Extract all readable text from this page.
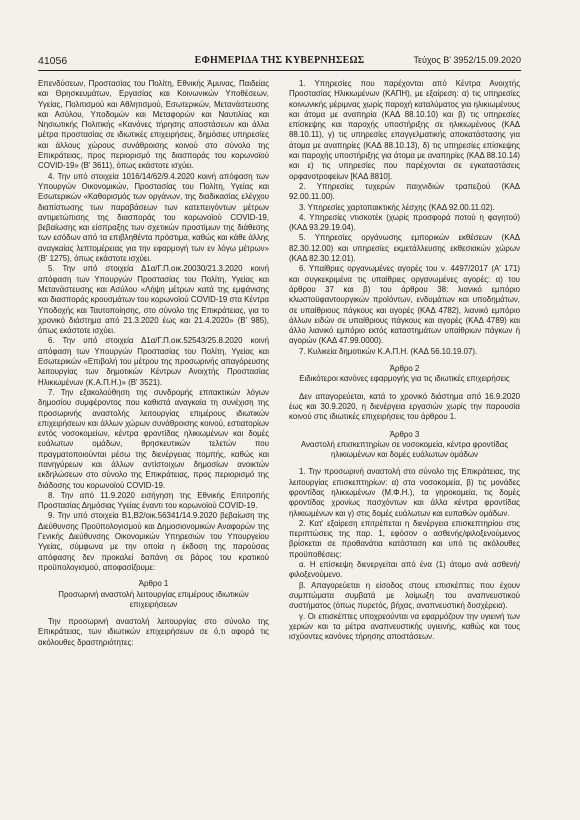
41056	ΕΦΗΜΕΡΙΔΑ ΤΗΣ ΚΥΒΕΡΝΗΣΕΩΣ	Τεύχος B' 3952/15.09.2020

Επενδύσεων, Προστασίας του Πολίτη, Εθνικής Άμυνας, Παιδείας και Θρησκευμάτων, Εργασίας και Κοινωνικών Υποθέσεων, Υγείας, Πολιτισμού και Αθλητισμού, Εσωτερικών, Μετανάστευσης και Ασύλου, Υποδομών και Μεταφορών και Ναυτιλίας και Νησιωτικής Πολιτικής «Κανόνες τήρησης αποστάσεων και άλλα μέτρα προστασίας σε ιδιωτικές επιχειρήσεις, δημόσιες υπηρεσίες και άλλους χώρους συνάθροισης κοινού στο σύνολο της Επικράτειας, προς περιορισμό της διασποράς του κορωνοϊού COVID-19» (B' 3611), όπως εκάστοτε ισχύει.

4. Την υπό στοιχεία 1016/14/62/9.4.2020 κοινή απόφαση των Υπουργών Οικονομικών, Προστασίας του Πολίτη, Υγείας και Εσωτερικών «Καθορισμός των οργάνων, της διαδικασίας ελέγχου διαπίστωσης των παραβάσεων των κατεπειγόντων μέτρων αντιμετώπισης της διασποράς του κορωνοϊού COVID-19, βεβαίωσης και είσπραξης των σχετικών προστίμων της διάθεσης των εσόδων από τα επιβληθέντα πρόστιμα, καθώς και κάθε άλλης αναγκαίας λεπτομέρειας για την εφαρμογή των εν λόγω μέτρων» (B' 1275), όπως εκάστοτε ισχύει.

5. Την υπό στοιχεία Δ1α/Γ.Π.οικ.20030/21.3.2020 κοινή απόφαση των Υπουργών Προστασίας του Πολίτη, Υγείας και Μετανάστευσης και Ασύλου «Λήψη μέτρων κατά της εμφάνισης και διασποράς κρουσμάτων του κορωνοϊού COVID-19 στα Κέντρα Υποδοχής και Ταυτοποίησης, στο σύνολο της Επικράτειας, για το χρονικό διάστημα από 21.3.2020 έως και 21.4.2020» (B' 985), όπως εκάστοτε ισχύει.

6. Την υπό στοιχεία Δ1α/Γ.Π.οικ.52543/25.8.2020 κοινή απόφαση των Υπουργών Προστασίας του Πολίτη, Υγείας και Εσωτερικών «Επιβολή του μέτρου της προσωρινής απαγόρευσης λειτουργίας των δημοτικών Κέντρων Ανοιχτής Προστασίας Ηλικιωμένων (Κ.Α.Π.Η.)» (B' 3521).

7. Την εξακολούθηση της συνδρομής επιτακτικών λόγων δημοσίου συμφέροντος που καθιστά αναγκαία τη συνέχιση της προσωρινής αναστολής λειτουργίας επιμέρους ιδιωτικών επιχειρήσεων και άλλων χώρων συνάθροισης κοινού, εστιατορίων εντός νοσοκομείων, κέντρα φροντίδας ηλικιωμένων και δομές ευάλωτων ομάδων, θρησκευτικών τελετών που πραγματοποιούνται μέσω της διενέργειας πομπής, καθώς και πανηγύρεων και άλλων αντίστοιχων δημοσίων ανοικτών εκδηλώσεων στο σύνολο της Επικράτειας, προς περιορισμό της διάδοσης του κορωνοϊού COVID-19.

8. Την από 11.9.2020 εισήγηση της Εθνικής Επιτροπής Προστασίας Δημόσιας Υγείας έναντι του κορωνοϊού COVID-19.

9. Την υπό στοιχεία Β1,Β2/οικ.56341/14.9.2020 βεβαίωση της Διεύθυνσης Προϋπολογισμού και Δημοσιονομικών Αναφορών της Γενικής Διεύθυνσης Οικονομικών Υπηρεσιών του Υπουργείου Υγείας, σύμφωνα με την οποία η έκδοση της παρούσας απόφασης δεν προκαλεί δαπάνη σε βάρος του κρατικού προϋπολογισμού, αποφασίζουμε:

Άρθρο 1

Προσωρινή αναστολή λειτουργίας επιμέρους ιδιωτικών επιχειρήσεων

Την προσωρινή αναστολή λειτουργίας στο σύνολο της Επικράτειας, των ιδιωτικών επιχειρήσεων σε ό,τι αφορά τις ακόλουθες δραστηριότητες:

1. Υπηρεσίες που παρέχονται από Κέντρα Ανοιχτής Προστασίας Ηλικιωμένων (ΚΑΠΗ), με εξαίρεση: α) τις υπηρεσίες κοινωνικής μέριμνας χωρίς παροχή καταλύματος για ηλικιωμένους και άτομα με αναπηρία (ΚΑΔ 88.10.10) και β) τις υπηρεσίες επίσκεψης και παροχής υποστήριξης σε ηλικιωμένους (ΚΑΔ 88.10.11), γ) τις υπηρεσίες επαγγελματικής αποκατάστασης για άτομα με αναπηρίες (ΚΑΔ 88.10.13), δ) τις υπηρεσίες επίσκεψης και παροχής υποστήριξης για άτομα με αναπηρίες (ΚΑΔ 88.10.14) και ε) τις υπηρεσίες που παρέχονται σε εγκαταστάσεις ορφανοτροφείων [ΚΑΔ 8810].

2. Υπηρεσίες τυχερών παιχνιδιών τραπεζιού (ΚΑΔ 92.00.11.00).

3. Υπηρεσίες χαρτοπαικτικής λέσχης (ΚΑΔ 92.00.11.02).

4. Υπηρεσίες ντισκοτέκ (χωρίς προσφορά ποτού η φαγητού) (ΚΑΔ 93.29.19.04).

5. Υπηρεσίες οργάνωσης εμπορικών εκθέσεων (ΚΑΔ 82.30.12.00) και υπηρεσίες εκμετάλλευσης εκθεσιακών χώρων (ΚΑΔ 82.30.12.01).

6. Υπαίθριες οργανωμένες αγορές του ν. 4497/2017 (Α' 171) και συγκεκριμένα τις υπαίθριες οργανωμένες αγορές: α) του άρθρου 37 και β) του άρθρου 38: λιανικό εμπόριο κλωστοϋφαντουργικών προϊόντων, ενδυμάτων και υποδημάτων, σε υπαίθριους πάγκους και αγορές (ΚΑΔ 4782), λιανικό εμπόριο άλλων ειδών σε υπαίθριους πάγκους και αγορές (ΚΑΔ 4789) και άλλο λιανικό εμπόριο εκτός καταστημάτων υπαίθριων πάγκων ή αγορών (ΚΑΔ 47.99.0000).

7. Κυλικεία δημοτικών Κ.Α.Π.Η. (ΚΑΔ 56.10.19.07).

Άρθρο 2

Ειδικότεροι κανόνες εφαρμογής για τις ιδιωτικές επιχειρήσεις

Δεν απαγορεύεται, κατά το χρονικό διάστημα από 16.9.2020 έως και 30.9.2020, η διενέργεια εργασιών χωρίς την παρουσία κοινού στις ιδιωτικές επιχειρήσεις του άρθρου 1.

Άρθρο 3

Αναστολή επισκεπτηρίων σε νοσοκομεία, κέντρα φροντίδας ηλικιωμένων και δομές ευάλωτων ομάδων

1. Την προσωρινή αναστολή στο σύνολο της Επικράτειας, της λειτουργίας επισκεπτηρίων: α) στα νοσοκομεία, β) τις μονάδες φροντίδας ηλικιωμένων (Μ.Φ.Η.), τα γηροκομεία, τις δομές φροντίδας χρονίως πασχόντων και άλλα κέντρα φροντίδας ηλικιωμένων και γ) στις δομές ευάλωτων και ευπαθών ομάδων.

2. Κατ' εξαίρεση επιτρέπεται η διενέργεια επισκεπτηρίου στις περιπτώσεις της παρ. 1, εφόσον ο ασθενής/φιλοξενούμενος βρίσκεται σε προθανάτια κατάσταση και υπό τις ακόλουθες προϋποθέσεις:

α. Η επίσκεψη διενεργείται από ένα (1) άτομο ανά ασθενή/φιλοξενούμενο.

β. Απαγορεύεται η είσοδος στους επισκέπτες που έχουν συμπτώματα συμβατά με λοίμωξη του αναπνευστικού συστήματος (όπως πυρετός, βήχας, αναπνευστική δυσχέρεια).

γ. Οι επισκέπτες υποχρεούνται να εφαρμόζουν την υγιεινή των χεριών και τα μέτρα αναπνευστικής υγιεινής, καθώς και τους ισχύοντες κανόνες τήρησης αποστάσεων.
